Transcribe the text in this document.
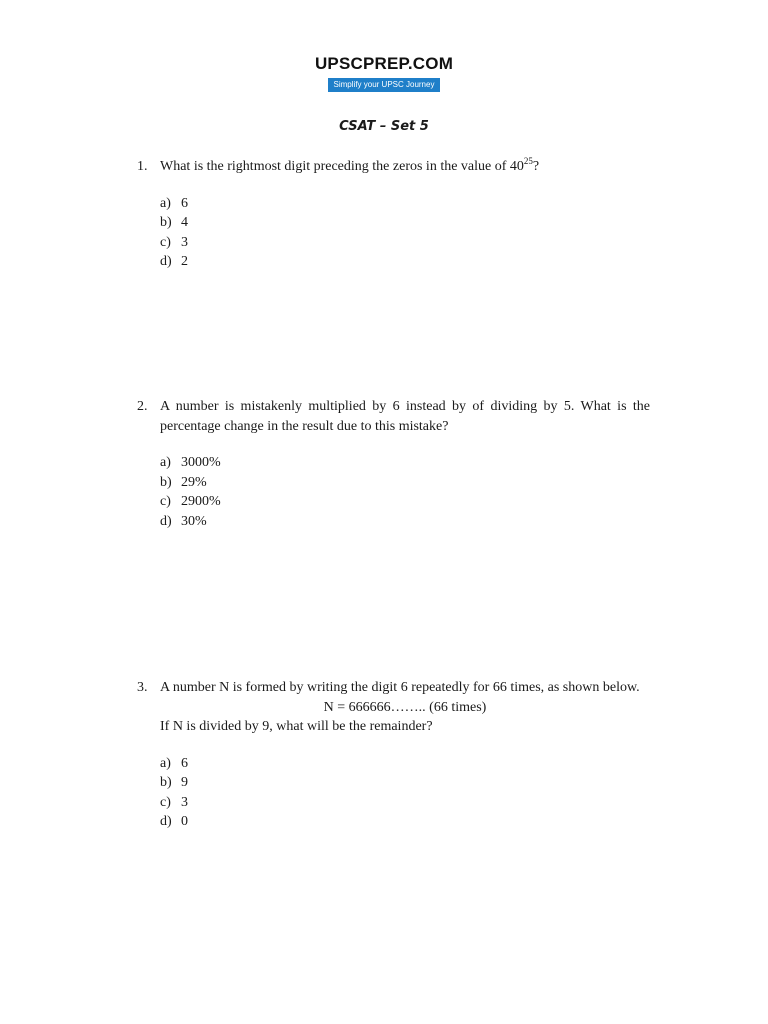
UPSCPREP.COM
Simplify your UPSC Journey
CSAT – Set 5
1. What is the rightmost digit preceding the zeros in the value of $40^{25}$?
a) 6
b) 4
c) 3
d) 2
2. A number is mistakenly multiplied by 6 instead by of dividing by 5. What is the percentage change in the result due to this mistake?
a) 3000%
b) 29%
c) 2900%
d) 30%
3. A number N is formed by writing the digit 6 repeatedly for 66 times, as shown below.
N = 666666…….. (66 times)
If N is divided by 9, what will be the remainder?
a) 6
b) 9
c) 3
d) 0
